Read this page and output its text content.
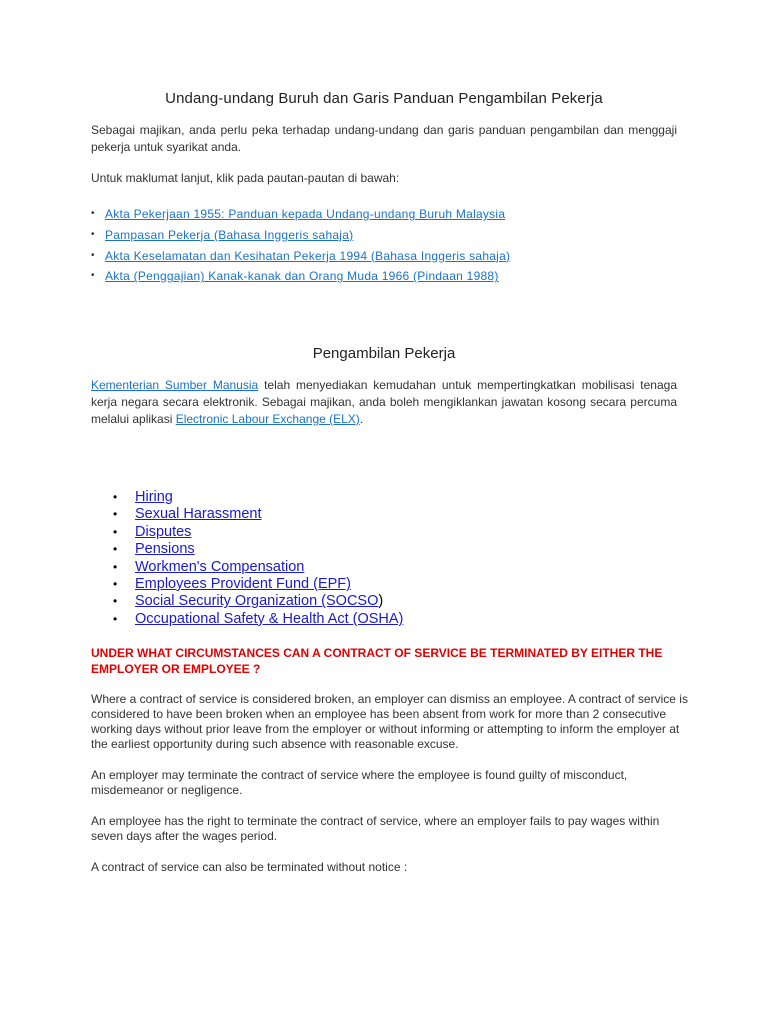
Undang-undang Buruh dan Garis Panduan Pengambilan Pekerja

Sebagai majikan, anda perlu peka terhadap undang-undang dan garis panduan pengambilan dan menggaji pekerja untuk syarikat anda.

Untuk maklumat lanjut, klik pada pautan-pautan di bawah:

• Akta Pekerjaan 1955: Panduan kepada Undang-undang Buruh Malaysia
• Pampasan Pekerja (Bahasa Inggeris sahaja)
• Akta Keselamatan dan Kesihatan Pekerja 1994 (Bahasa Inggeris sahaja)
• Akta (Penggajian) Kanak-kanak dan Orang Muda 1966 (Pindaan 1988)
Pengambilan Pekerja

Kementerian Sumber Manusia telah menyediakan kemudahan untuk mempertingkatkan mobilisasi tenaga kerja negara secara elektronik. Sebagai majikan, anda boleh mengiklankan jawatan kosong secara percuma melalui aplikasi Electronic Labour Exchange (ELX).

• Hiring
• Sexual Harassment
• Disputes
• Pensions
• Workmen's Compensation
• Employees Provident Fund (EPF)
• Social Security Organization (SOCSO)
• Occupational Safety & Health Act (OSHA)

UNDER WHAT CIRCUMSTANCES CAN A CONTRACT OF SERVICE BE TERMINATED BY EITHER THE EMPLOYER OR EMPLOYEE ?

Where a contract of service is considered broken, an employer can dismiss an employee. A contract of service is considered to have been broken when an employee has been absent from work for more than 2 consecutive working days without prior leave from the employer or without informing or attempting to inform the employer at the earliest opportunity during such absence with reasonable excuse.

An employer may terminate the contract of service where the employee is found guilty of misconduct, misdemeanor or negligence.

An employee has the right to terminate the contract of service, where an employer fails to pay wages within seven days after the wages period.

A contract of service can also be terminated without notice :
